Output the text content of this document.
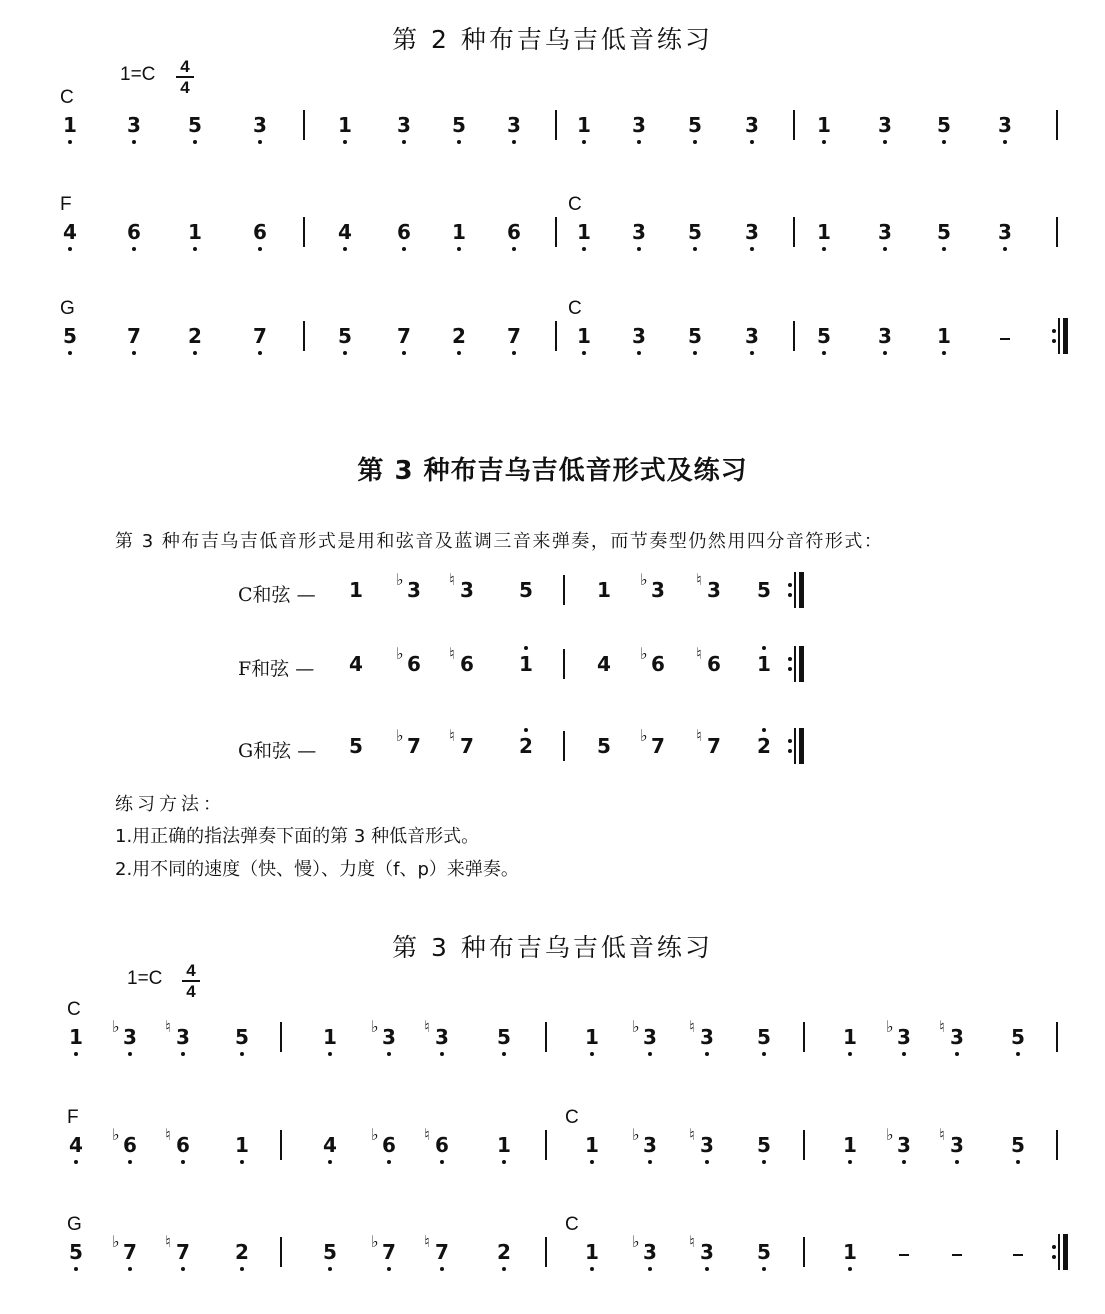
第 2 种布吉乌吉低音练习
1=C 4
4
C
1	3 5	3	1 3 5 3	1 3 5 3	1 3 5 3
F	C
4	6 1	6	4 6 1 6	1 3 5 3	1 3 5 3
G	C
5	7 2	7	5 7 2 7	1 3 5 3	5 3 1
第 3 种布吉乌吉低音形式及练习
第 3 种布吉乌吉低音形式是用和弦音及蓝调三音来弹奏，而节奏型仍然用四分音符形式：
C和弦 — 1	♭ 3	♮ 3 5	1	♭ 3	♮ 3 5
F和弦 — 4	♭ 6	♮ 6 1	4	♭ 6	♮ 6 1
G和弦 — 5	♭ 7	♮ 7 2	5	♭ 7	♮ 7 2
练习方法：
1.用正确的指法弹奏下面的第 3 种低音形式。
2.用不同的速度（快、慢）、力度（f、p）来弹奏。
第 3 种布吉乌吉低音练习
1=C 4
4
C
1	♭ 3	♮ 3 5	1	♭ 3	♮ 3 5	1	♭ 3	♮ 3 5	1	♭ 3	♮ 3 5
F	C
4	♭ 6	♮ 6 1	4	♭ 6	♮ 6 1	1	♭ 3	♮ 3 5	1	♭ 3	♮ 3 5
G	C
5	♭ 7	♮ 7 2	5	♭ 7	♮ 7 2	1	♭ 3	♮ 3 5	1
